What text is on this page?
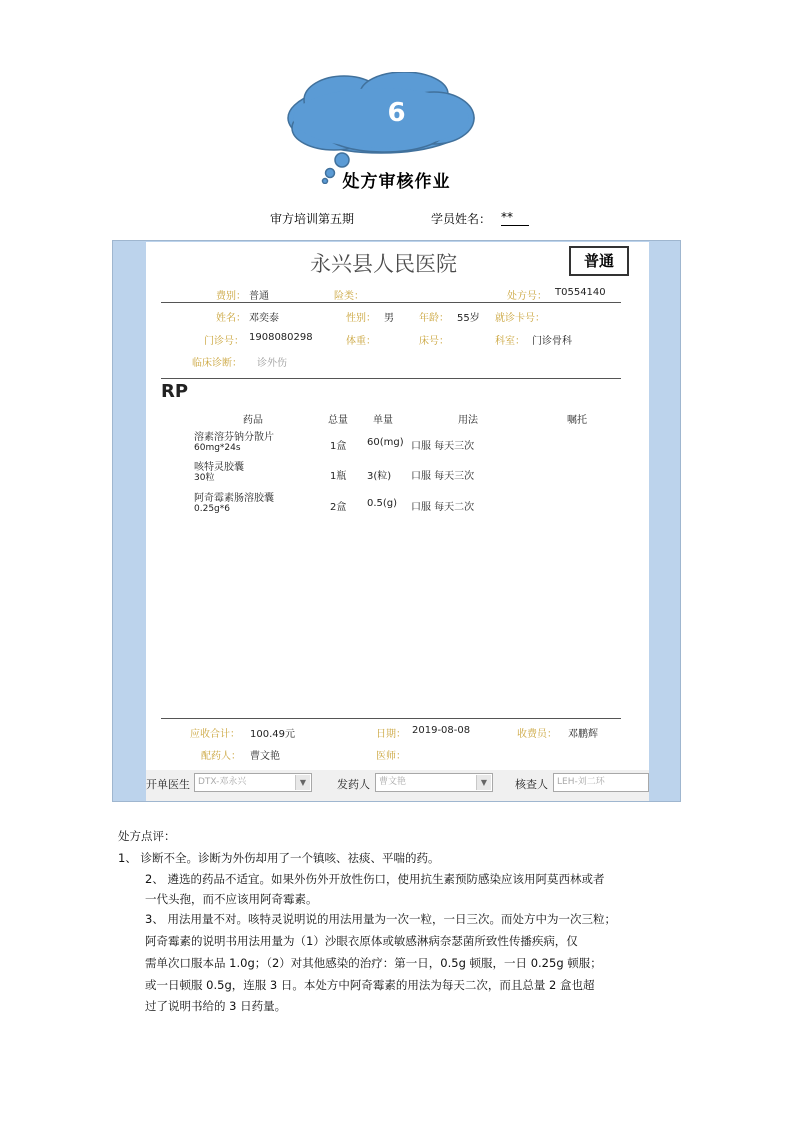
6
处方审核作业
审方培训第五期	学员姓名： **
永兴县人民医院	普通
费别： 普通	险类：	处方号： T0554140
姓名： 邓奕泰	性别： 男	年龄： 55岁 就诊卡号：
门诊号： 1908080298	体重：	床号：	科室： 门诊骨科
临床诊断： 诊外伤
RP
药品	总量	单量	用法	嘱托
溶素溶芬钠分散片
60mg*24s	1盒 60(mg) 口服 每天三次
咳特灵胶囊
30粒	1瓶 3(粒) 口服 每天三次
阿奇霉素肠溶胶囊
0.25g*6	2盒 0.5(g) 口服 每天二次
应收合计： 100.49元	日期： 2019-08-08	收费员： 邓鹏辉
配药人： 曹文艳	医师：
开单医生 DTX-邓永兴	▼	发药人	曹文艳	▼	核查人	LEH-刘二环
处方点评：
1、 诊断不全。诊断为外伤却用了一个镇咳、祛痰、平喘的药。
2、 遴选的药品不适宜。如果外伤外开放性伤口，使用抗生素预防感染应该用阿莫西林或者
一代头孢，而不应该用阿奇霉素。
3、 用法用量不对。咳特灵说明说的用法用量为一次一粒，一日三次。而处方中为一次三粒；
阿奇霉素的说明书用法用量为（1）沙眼衣原体或敏感淋病奈瑟菌所致性传播疾病，仅
需单次口服本品 1.0g；（2）对其他感染的治疗：第一日，0.5g 顿服，一日 0.25g 顿服；
或一日顿服 0.5g，连服 3 日。本处方中阿奇霉素的用法为每天二次，而且总量 2 盒也超
过了说明书给的 3 日药量。
